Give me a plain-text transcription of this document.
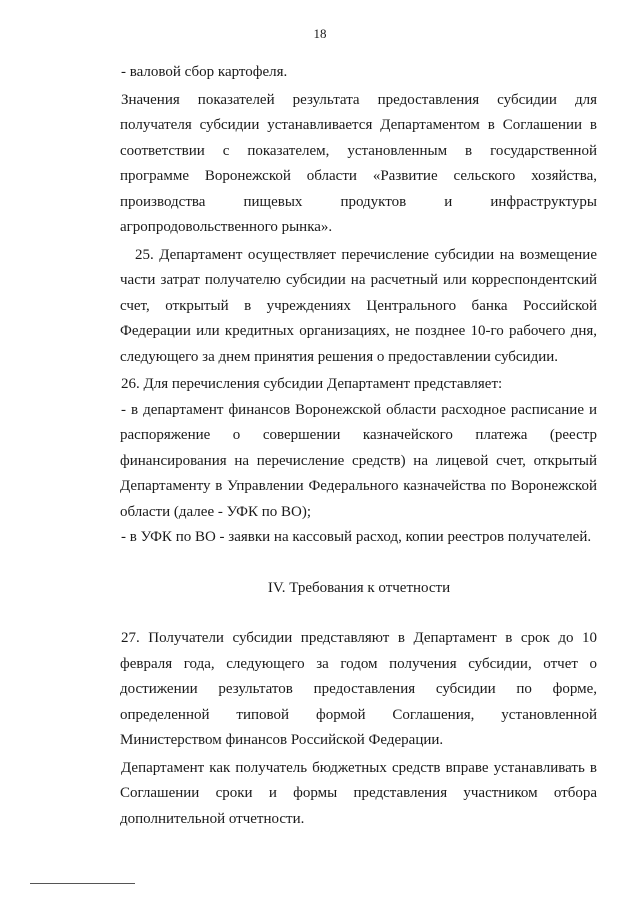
18

- валовой сбор картофеля.

Значения показателей результата предоставления субсидии для
получателя субсидии устанавливается Департаментом в Соглашении в соответствии с показателем, установленным в государственной программе Воронежской области «Развитие сельского хозяйства, производства пищевых продуктов и инфраструктуры агропродовольственного рынка».

25. Департамент осуществляет перечисление субсидии на возмещение
части затрат получателю субсидии на расчетный или корреспондентский счет, открытый в учреждениях Центрального банка Российской Федерации или кредитных организациях, не позднее 10-го рабочего дня, следующего за днем принятия решения о предоставлении субсидии.

26. Для перечисления субсидии Департамент представляет:

- в департамент финансов Воронежской области расходное расписание и
распоряжение о совершении казначейского платежа (реестр финансирования на перечисление средств) на лицевой счет, открытый Департаменту в Управлении Федерального казначейства по Воронежской области (далее - УФК по ВО);

- в УФК по ВО - заявки на кассовый расход, копии реестров получателей.

IV. Требования к отчетности

27. Получатели субсидии представляют в Департамент в срок до 10
февраля года, следующего за годом получения субсидии, отчет о достижении результатов предоставления субсидии по форме, определенной типовой формой Соглашения, установленной Министерством финансов Российской Федерации.

Департамент как получатель бюджетных средств вправе устанавливать в
Соглашении сроки и формы представления участником отбора дополнительной отчетности.
